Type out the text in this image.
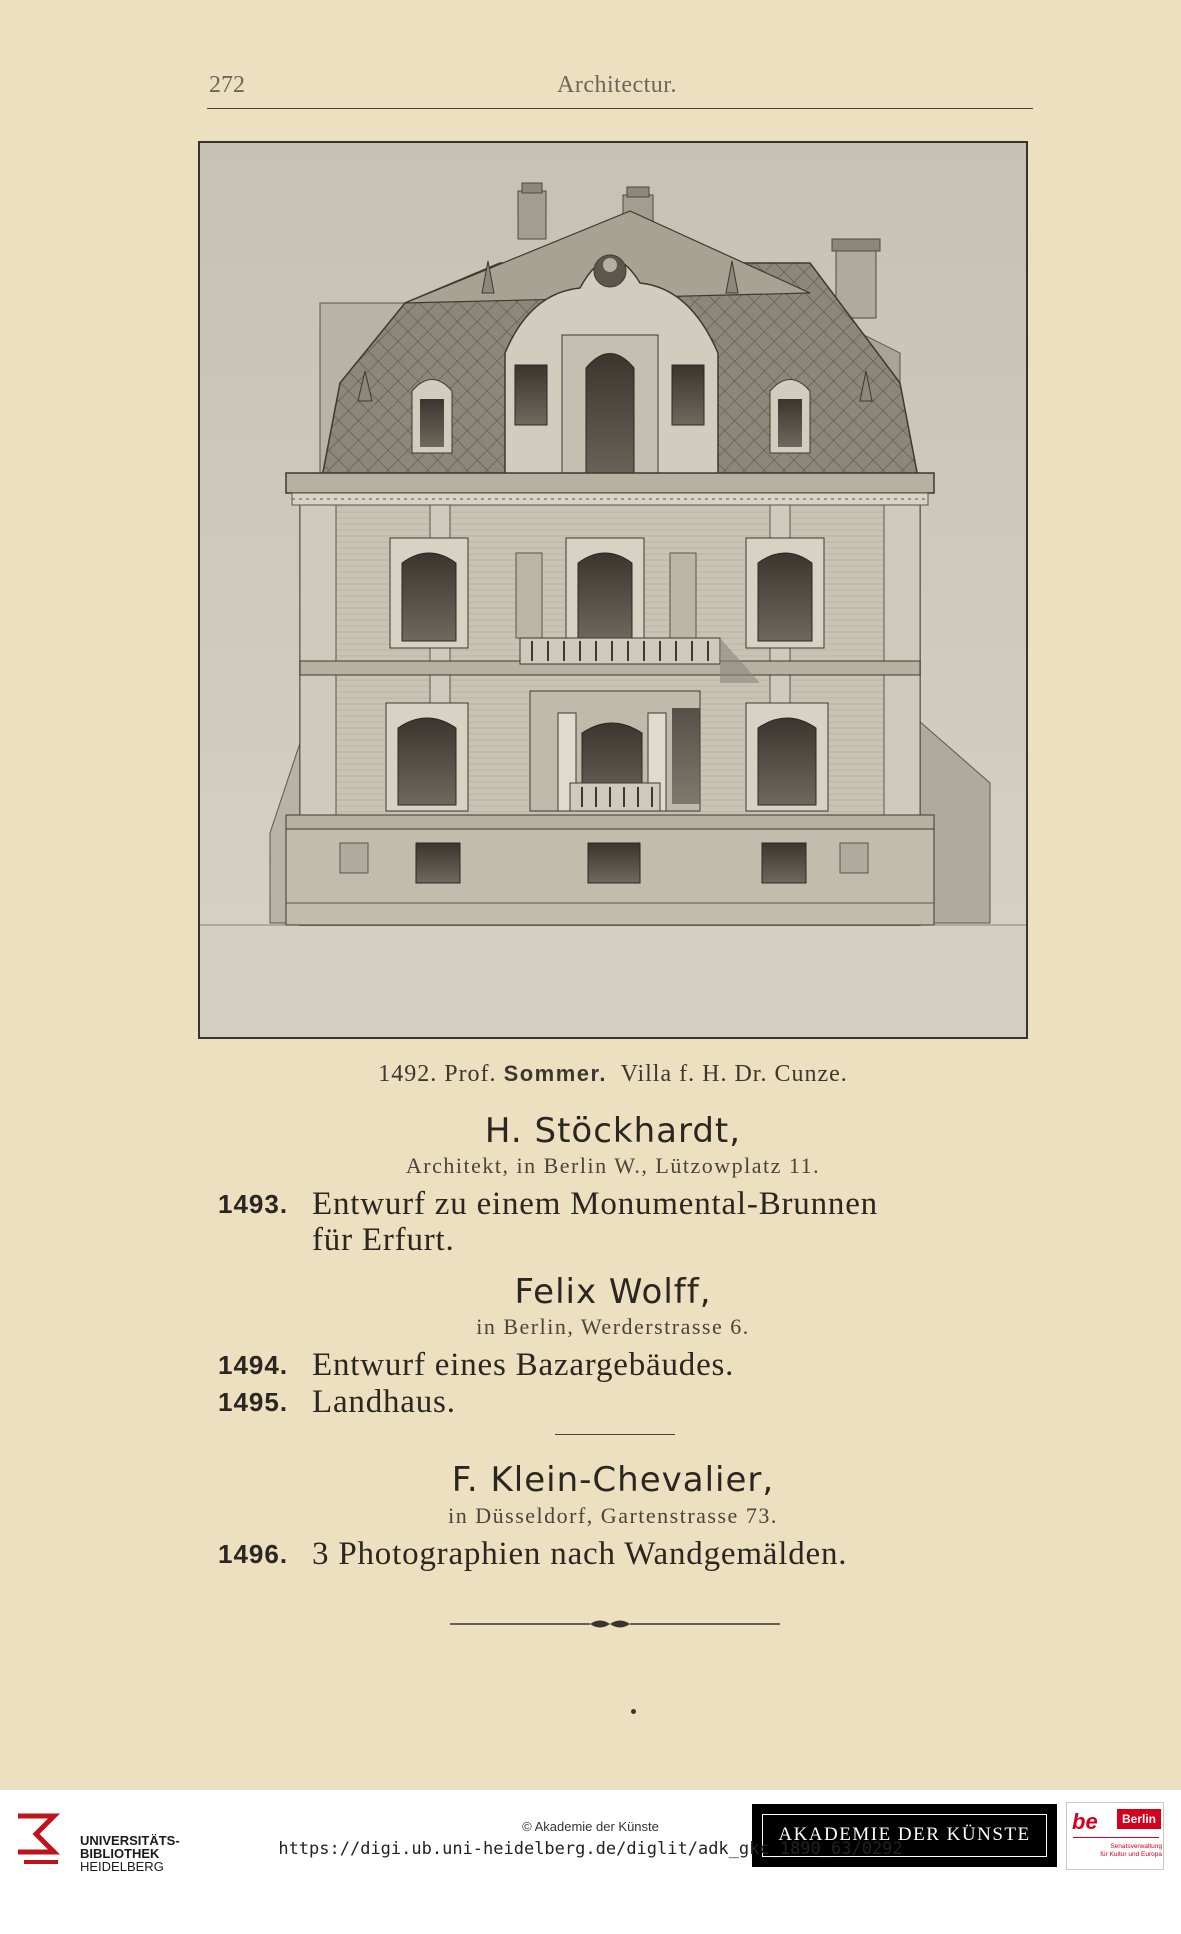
272	Architectur.
1492. Prof. Sommer. Villa f. H. Dr. Cunze.
H. Stöckhardt,
Architekt, in Berlin W., Lützowplatz 11.
1493. Entwurf zu einem Monumental-Brunnen
für Erfurt.
Felix Wolff,
in Berlin, Werderstrasse 6.
1494. Entwurf eines Bazargebäudes.
1495. Landhaus.
F. Klein-Chevalier,
in Düsseldorf, Gartenstrasse 73.
1496. 3 Photographien nach Wandgemälden.
UNIVERSITÄTS-
BIBLIOTHEK
HEIDELBERG
AKADEMIE DER KÜNSTE
be	Berlin
Senatsverwaltung
für Kultur und Europa
© Akademie der Künste
https://digi.ub.uni-heidelberg.de/diglit/adk_gkc_1890_63/0292
